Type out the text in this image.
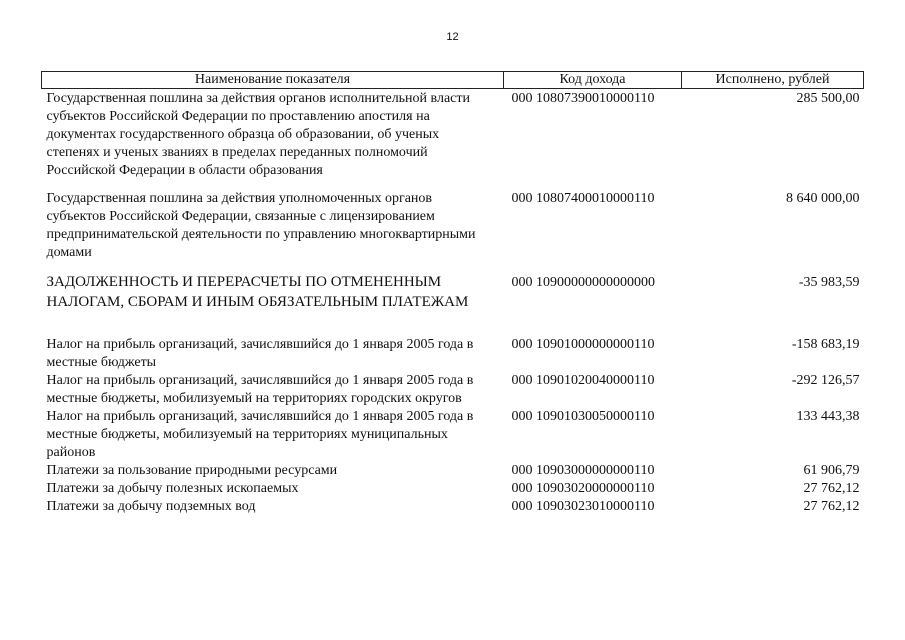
12
Наименование показателя	Код дохода	Исполнено, рублей
Государственная пошлина за действия органов исполнительной власти субъектов Российской Федерации по проставлению апостиля на документах государственного образца об образовании, об ученых степенях и ученых званиях в пределах переданных полномочий Российской Федерации в области образования	000 10807390010000110	285 500,00
Государственная пошлина за действия уполномоченных органов субъектов Российской Федерации, связанные с лицензированием предпринимательской деятельности по управлению многоквартирными домами	000 10807400010000110	8 640 000,00
ЗАДОЛЖЕННОСТЬ И ПЕРЕРАСЧЕТЫ ПО ОТМЕНЕННЫМ НАЛОГАМ, СБОРАМ И ИНЫМ ОБЯЗАТЕЛЬНЫМ ПЛАТЕЖАМ	000 10900000000000000	-35 983,59
Налог на прибыль организаций, зачислявшийся до 1 января 2005 года в местные бюджеты	000 10901000000000110	-158 683,19
Налог на прибыль организаций, зачислявшийся до 1 января 2005 года в местные бюджеты, мобилизуемый на территориях городских округов	000 10901020040000110	-292 126,57
Налог на прибыль организаций, зачислявшийся до 1 января 2005 года в местные бюджеты, мобилизуемый на территориях муниципальных районов	000 10901030050000110	133 443,38
Платежи за пользование природными ресурсами	000 10903000000000110	61 906,79
Платежи за добычу полезных ископаемых	000 10903020000000110	27 762,12
Платежи за добычу подземных вод	000 10903023010000110	27 762,12
